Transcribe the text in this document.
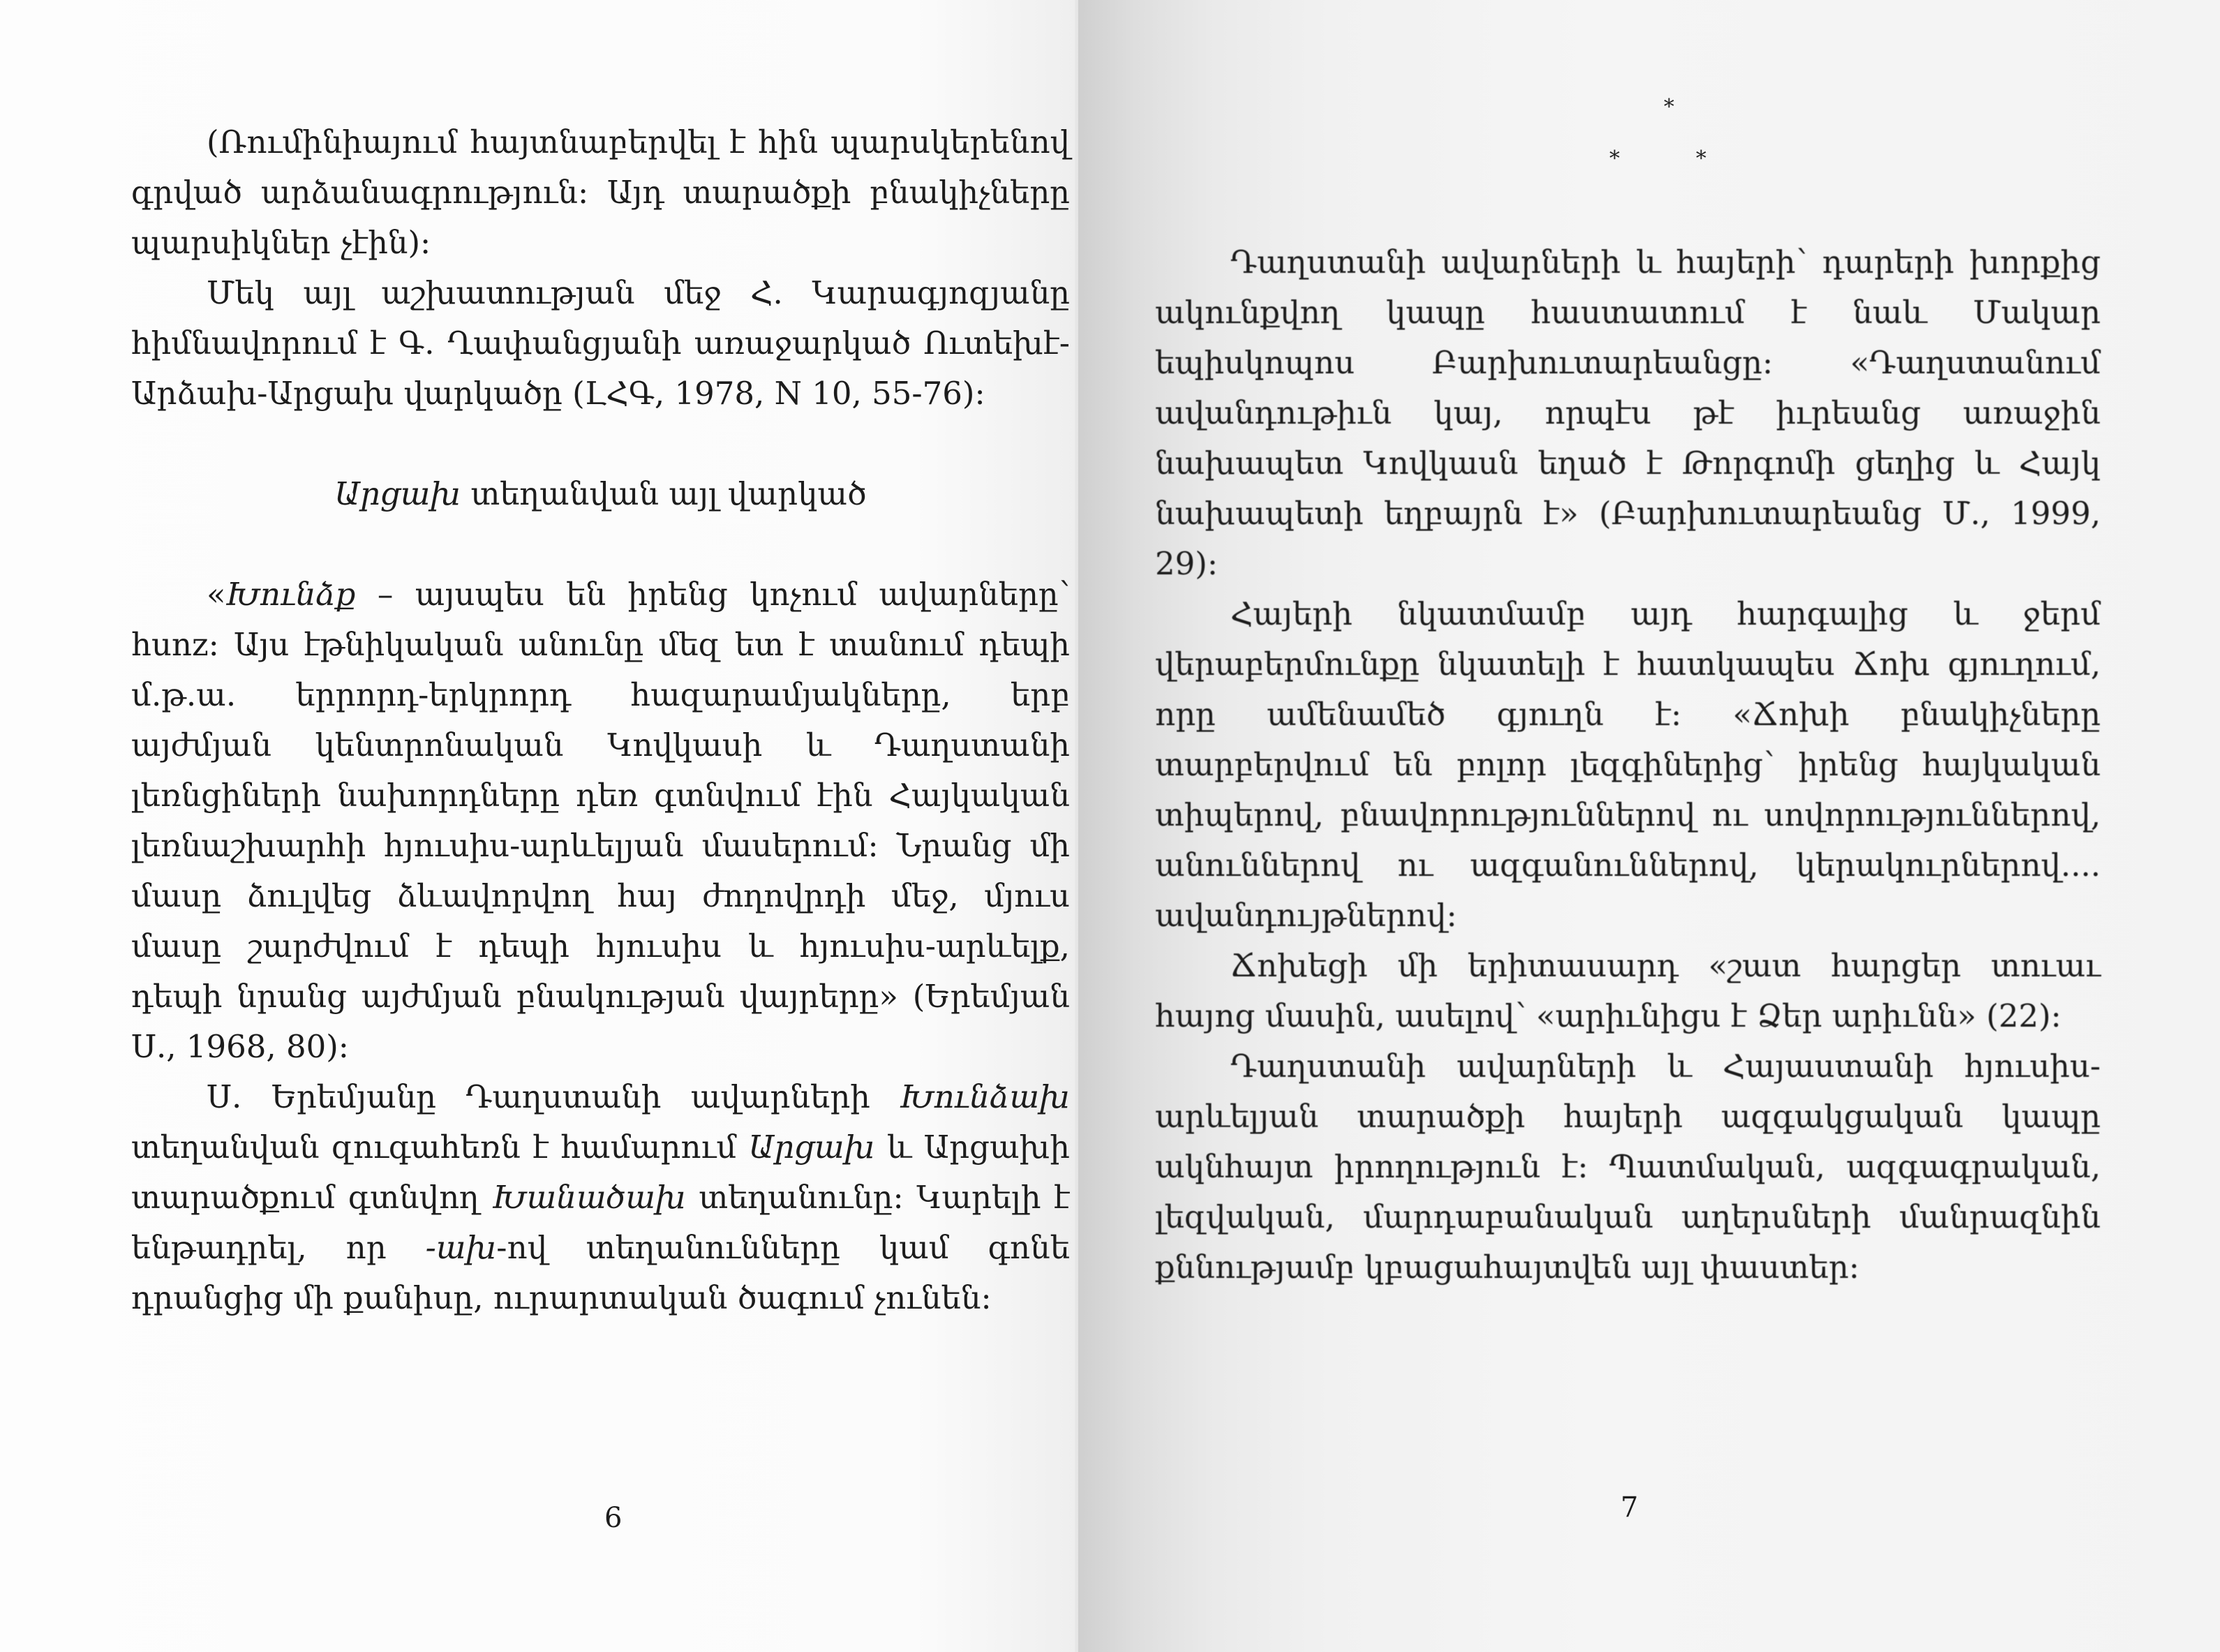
(Ռումինիայում հայտնաբերվել է հին պարսկերենով գրված արձանագրություն: Այդ տարածքի բնակիչները պարսիկներ չէին):

Մեկ այլ աշխատության մեջ Հ. Կարագյոզյանը հիմնավորում է Գ. Ղափանցյանի առաջարկած Ուտեխէ-Արձախ-Արցախ վարկածը (ԼՀԳ, 1978, N 10, 55-76):

Արցախ տեղանվան այլ վարկած

«Խունձք – այսպես են իրենց կոչում ավարները՝ hunz: Այս էթնիկական անունը մեզ ետ է տանում դեպի մ.թ.ա. երրորդ-երկրորդ հազարամյակները, երբ այժմյան կենտրոնական Կովկասի և Դաղստանի լեռնցիների նախորդները դեռ գտնվում էին Հայկական լեռնաշխարհի հյուսիս-արևելյան մասերում: Նրանց մի մասը ձուլվեց ձևավորվող հայ ժողովրդի մեջ, մյուս մասը շարժվում է դեպի հյուսիս և հյուսիս-արևելք, դեպի նրանց այժմյան բնակության վայրերը» (Երեմյան Ս., 1968, 80):

Ս. Երեմյանը Դաղստանի ավարների Խունձախ տեղանվան զուգահեռն է համարում Արցախ և Արցախի տարածքում գտնվող Խանածախ տեղանունը: Կարելի է ենթադրել, որ -ախ-ով տեղանունները կամ գոնե դրանցից մի քանիսը, ուրարտական ծագում չունեն:

6
*
*	*

Դաղստանի ավարների և հայերի՝ դարերի խորքից ակունքվող կապը հաստատում է նաև Մակար եպիսկոպոս Բարխուտարեանցը: «Դաղստանում ավանդութիւն կայ, որպէս թէ իւրեանց առաջին նախապետ Կովկասն եղած է Թորգոմի ցեղից և Հայկ նախապետի եղբայրն է» (Բարխուտարեանց Մ., 1999, 29):

Հայերի նկատմամբ այդ հարգալից և ջերմ վերաբերմունքը նկատելի է հատկապես Ճոխ գյուղում, որը ամենամեծ գյուղն է: «Ճոխի բնակիչները տարբերվում են բոլոր լեզգիներից՝ իրենց հայկական տիպերով, բնավորություններով ու սովորություններով, անուններով ու ազգանուններով, կերակուրներով.... ավանդույթներով:

Ճոխեցի մի երիտասարդ «շատ հարցեր տուաւ հայոց մասին, ասելով՝ «արիւնիցս է Ձեր արիւնն» (22):

Դաղստանի ավարների և Հայաստանի հյուսիս-արևելյան տարածքի հայերի ազգակցական կապը ակնհայտ իրողություն է: Պատմական, ազգագրական, լեզվական, մարդաբանական աղերսների մանրազնին քննությամբ կբացահայտվեն այլ փաստեր:

7
